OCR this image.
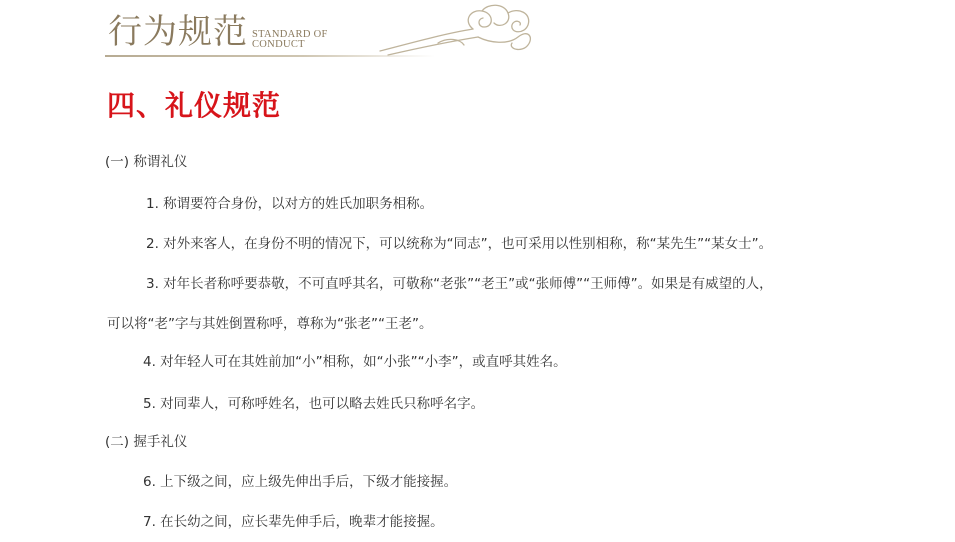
行为规范 STANDARD OF
CONDUCT
四、礼仪规范
(一) 称谓礼仪
1. 称谓要符合身份，以对方的姓氏加职务相称。
2. 对外来客人，在身份不明的情况下，可以统称为“同志”，也可采用以性别相称，称“某先生”“某女士”。
3. 对年长者称呼要恭敬，不可直呼其名，可敬称“老张”“老王”或“张师傅”“王师傅”。如果是有威望的人，
可以将“老”字与其姓倒置称呼，尊称为“张老”“王老”。
4. 对年轻人可在其姓前加“小”相称，如“小张”“小李”，或直呼其姓名。
5. 对同辈人，可称呼姓名，也可以略去姓氏只称呼名字。
(二) 握手礼仪
6. 上下级之间，应上级先伸出手后，下级才能接握。
7. 在长幼之间，应长辈先伸手后，晚辈才能接握。
